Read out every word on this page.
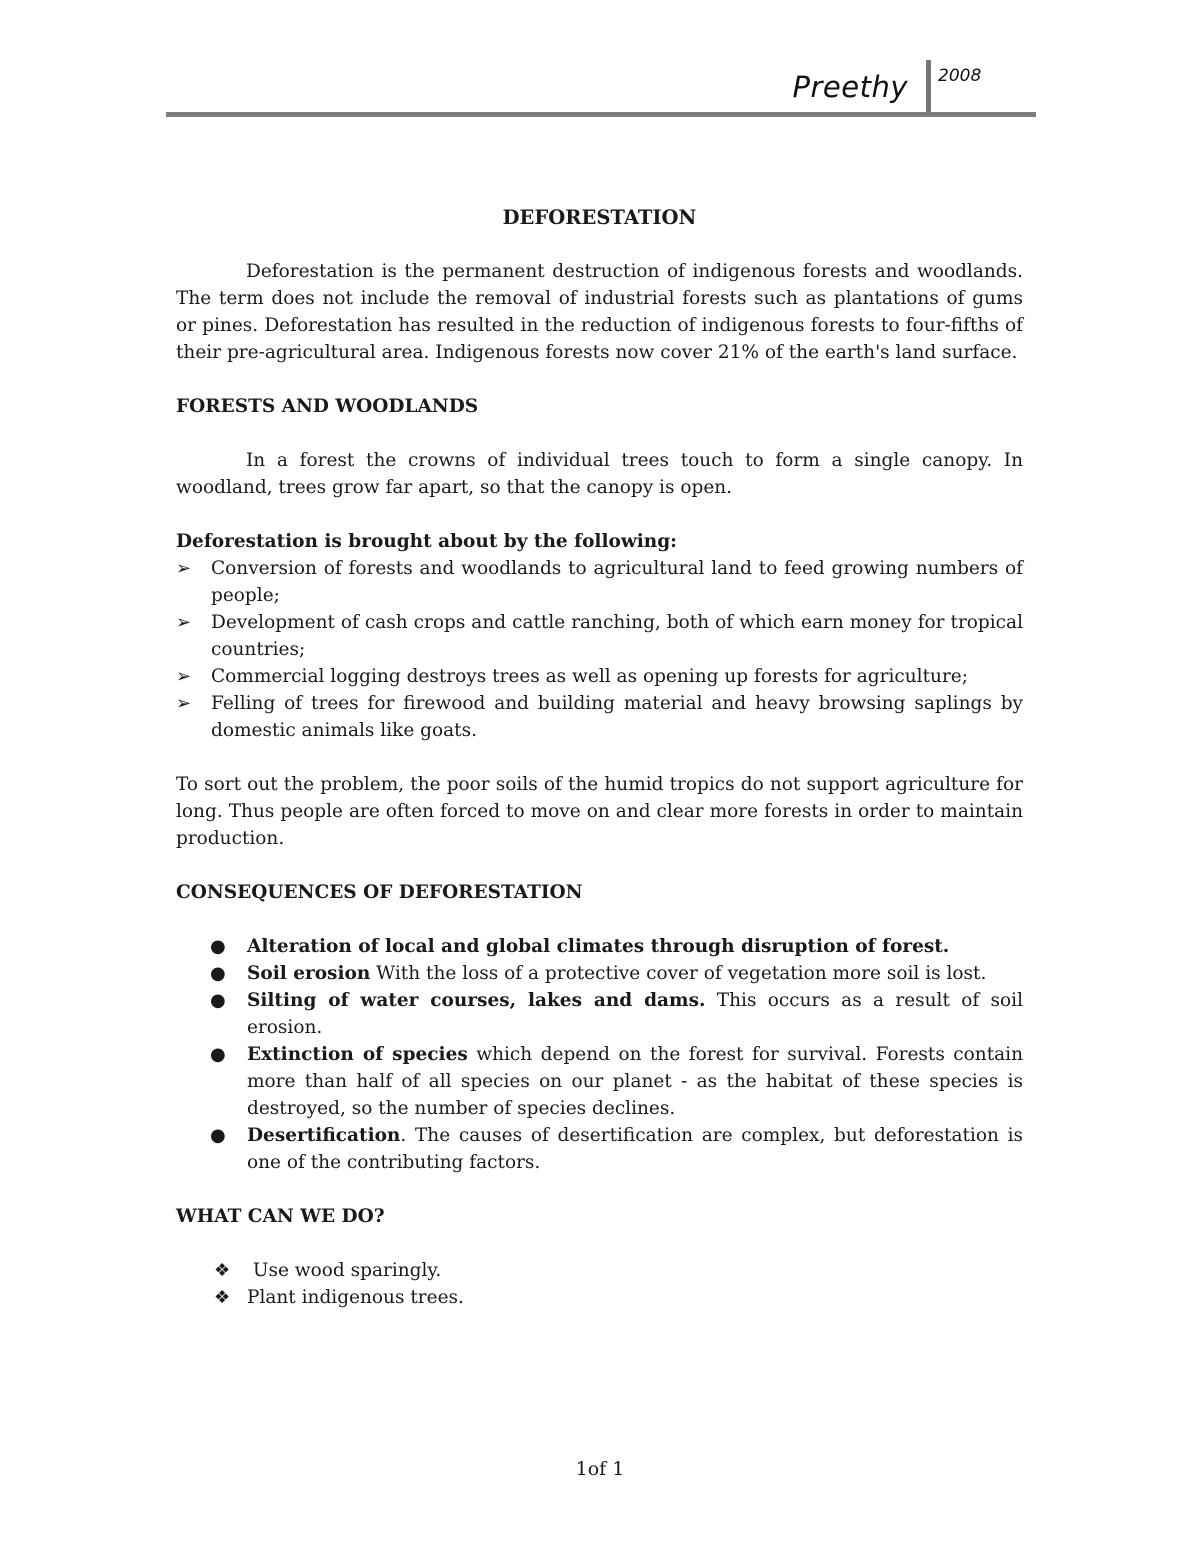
Preethy 2008
DEFORESTATION

Deforestation is the permanent destruction of indigenous forests and woodlands. The term does not include the removal of industrial forests such as plantations of gums or pines. Deforestation has resulted in the reduction of indigenous forests to four-fifths of their pre-agricultural area. Indigenous forests now cover 21% of the earth's land surface.

FORESTS AND WOODLANDS

In a forest the crowns of individual trees touch to form a single canopy. In woodland, trees grow far apart, so that the canopy is open.

Deforestation is brought about by the following:
➢ Conversion of forests and woodlands to agricultural land to feed growing numbers of people;
➢ Development of cash crops and cattle ranching, both of which earn money for tropical countries;
➢ Commercial logging destroys trees as well as opening up forests for agriculture;
➢ Felling of trees for firewood and building material and heavy browsing saplings by domestic animals like goats.

To sort out the problem, the poor soils of the humid tropics do not support agriculture for long. Thus people are often forced to move on and clear more forests in order to maintain production.

CONSEQUENCES OF DEFORESTATION
● Alteration of local and global climates through disruption of forest.
● Soil erosion With the loss of a protective cover of vegetation more soil is lost.
● Silting of water courses, lakes and dams. This occurs as a result of soil erosion.
● Extinction of species which depend on the forest for survival. Forests contain more than half of all species on our planet - as the habitat of these species is destroyed, so the number of species declines.
● Desertification. The causes of desertification are complex, but deforestation is one of the contributing factors.
WHAT CAN WE DO?
❖ Use wood sparingly.
❖ Plant indigenous trees.
1of 1
